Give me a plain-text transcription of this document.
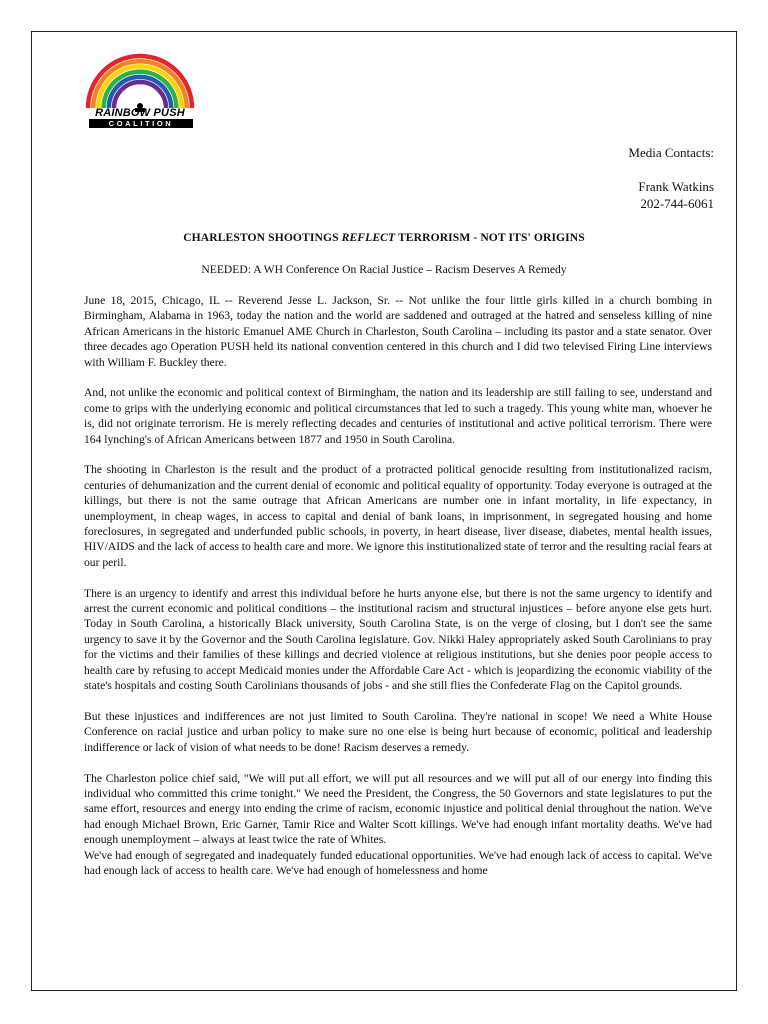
RAINBOW PUSH
COALITION
Media Contacts:
Frank Watkins
202-744-6061
CHARLESTON SHOOTINGS REFLECT TERRORISM - NOT ITS' ORIGINS
NEEDED: A WH Conference On Racial Justice – Racism Deserves A Remedy

June 18, 2015, Chicago, IL -- Reverend Jesse L. Jackson, Sr. -- Not unlike the four little girls killed in a church bombing in Birmingham, Alabama in 1963, today the nation and the world are saddened and outraged at the hatred and senseless killing of nine African Americans in the historic Emanuel AME Church in Charleston, South Carolina – including its pastor and a state senator. Over three decades ago Operation PUSH held its national convention centered in this church and I did two televised Firing Line interviews with William F. Buckley there.

And, not unlike the economic and political context of Birmingham, the nation and its leadership are still failing to see, understand and come to grips with the underlying economic and political circumstances that led to such a tragedy. This young white man, whoever he is, did not originate terrorism. He is merely reflecting decades and centuries of institutional and active political terrorism. There were 164 lynching's of African Americans between 1877 and 1950 in South Carolina.

The shooting in Charleston is the result and the product of a protracted political genocide resulting from institutionalized racism, centuries of dehumanization and the current denial of economic and political equality of opportunity. Today everyone is outraged at the killings, but there is not the same outrage that African Americans are number one in infant mortality, in life expectancy, in unemployment, in cheap wages, in access to capital and denial of bank loans, in imprisonment, in segregated housing and home foreclosures, in segregated and underfunded public schools, in poverty, in heart disease, liver disease, diabetes, mental health issues, HIV/AIDS and the lack of access to health care and more. We ignore this institutionalized state of terror and the resulting racial fears at our peril.

There is an urgency to identify and arrest this individual before he hurts anyone else, but there is not the same urgency to identify and arrest the current economic and political conditions – the institutional racism and structural injustices – before anyone else gets hurt. Today in South Carolina, a historically Black university, South Carolina State, is on the verge of closing, but I don't see the same urgency to save it by the Governor and the South Carolina legislature. Gov. Nikki Haley appropriately asked South Carolinians to pray for the victims and their families of these killings and decried violence at religious institutions, but she denies poor people access to health care by refusing to accept Medicaid monies under the Affordable Care Act - which is jeopardizing the economic viability of the state's hospitals and costing South Carolinians thousands of jobs - and she still flies the Confederate Flag on the Capitol grounds.

But these injustices and indifferences are not just limited to South Carolina. They're national in scope! We need a White House Conference on racial justice and urban policy to make sure no one else is being hurt because of economic, political and leadership indifference or lack of vision of what needs to be done! Racism deserves a remedy.

The Charleston police chief said, "We will put all effort, we will put all resources and we will put all of our energy into finding this individual who committed this crime tonight." We need the President, the Congress, the 50 Governors and state legislatures to put the same effort, resources and energy into ending the crime of racism, economic injustice and political denial throughout the nation. We've had enough Michael Brown, Eric Garner, Tamir Rice and Walter Scott killings. We've had enough infant mortality deaths. We've had enough unemployment – always at least twice the rate of Whites.

We've had enough of segregated and inadequately funded educational opportunities. We've had enough lack of access to capital. We've had enough lack of access to health care. We've had enough of homelessness and home
